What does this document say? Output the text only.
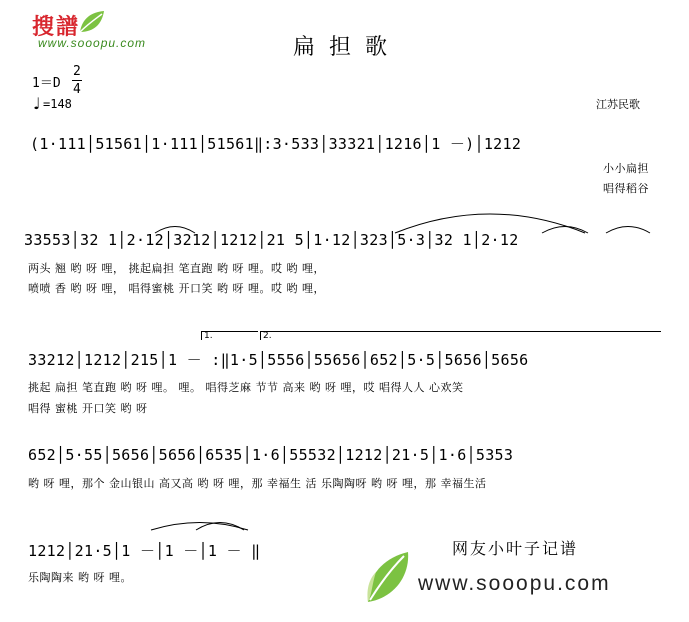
搜譜
www.sooopu.com	扁担歌
1＝D
2
4
♩ =148	江苏民歌
(1·111│51561│1·111│51561‖:3·533│33321│1216│1 －)│1212
小小扁担
唱得稻谷
33553│32 1│2·12│3212│1212│21 5│1·12│323│5·3│32 1│2·12
两头 翘 哟 呀 哩， 挑起扁担 笔直跑 哟 呀 哩。哎 哟 哩，
喷喷 香 哟 呀 哩， 唱得蜜桃 开口笑 哟 呀 哩。哎 哟 哩，
1.	2.
33212│1212│215│1 － :‖1·5│5556│55656│652│5·5│5656│5656
挑起 扁担 笔直跑 哟 呀 哩。 哩。 唱得芝麻 节节 高来 哟 呀 哩，哎 唱得人人 心欢笑
唱得 蜜桃 开口笑 哟 呀
652│5·55│5656│5656│6535│1·6│55532│1212│21·5│1·6│5353
哟 呀 哩，那个 金山银山 高又高 哟 呀 哩，那 幸福生 活 乐陶陶呀 哟 呀 哩，那 幸福生活
1212│21·5│1 －│1 －│1 － ‖
乐陶陶来 哟 呀 哩。
网友小叶子记谱
www.sooopu.com
